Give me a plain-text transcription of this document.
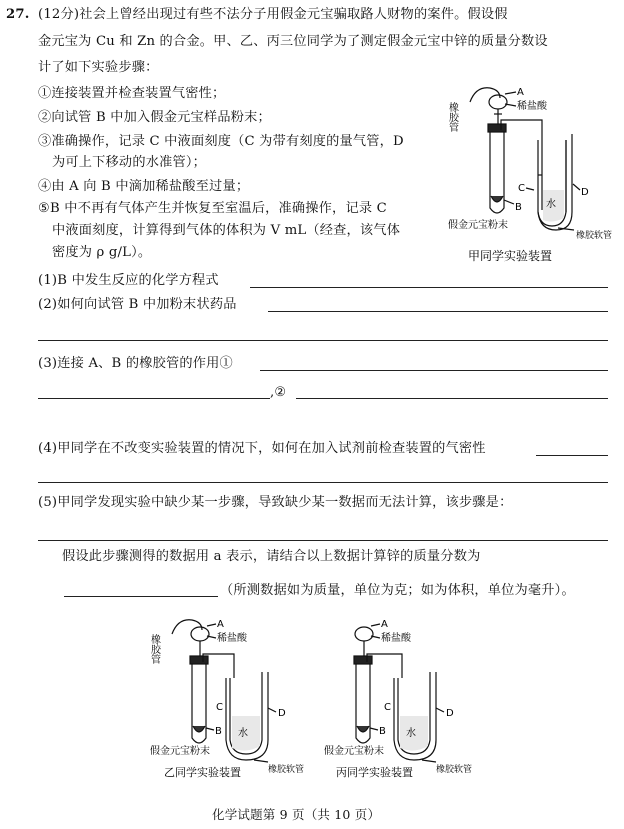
27. (12分)社会上曾经出现过有些不法分子用假金元宝骗取路人财物的案件。假设假
金元宝为 Cu 和 Zn 的合金。甲、乙、丙三位同学为了测定假金元宝中锌的质量分数设
计了如下实验步骤：
①连接装置并检查装置气密性；
②向试管 B 中加入假金元宝样品粉末；
③准确操作，记录 C 中液面刻度（C 为带有刻度的量气管，D
为可上下移动的水准管）；
④由 A 向 B 中滴加稀盐酸至过量；
⑤B 中不再有气体产生并恢复至室温后，准确操作，记录 C
中液面刻度，计算得到气体的体积为 V mL（经查，该气体
密度为 ρ g/L）。
橡胶管
A
稀盐酸
C
水
D
B
假金元宝粉末
橡胶软管
甲同学实验装置
(1)B 中发生反应的化学方程式
(2)如何向试管 B 中加粉末状药品
(3)连接 A、B 的橡胶管的作用①
,②
(4)甲同学在不改变实验装置的情况下，如何在加入试剂前检查装置的气密性
(5)甲同学发现实验中缺少某一步骤，导致缺少某一数据而无法计算，该步骤是：
假设此步骤测得的数据用 a 表示，请结合以上数据计算锌的质量分数为
（所测数据如为质量，单位为克；如为体积，单位为毫升）。
橡胶管
A
稀盐酸
C
水
D
B
假金元宝粉末
橡胶软管
乙同学实验装置
A
稀盐酸
C
水
D
B
假金元宝粉末
橡胶软管
丙同学实验装置
化学试题第 9 页（共 10 页）
